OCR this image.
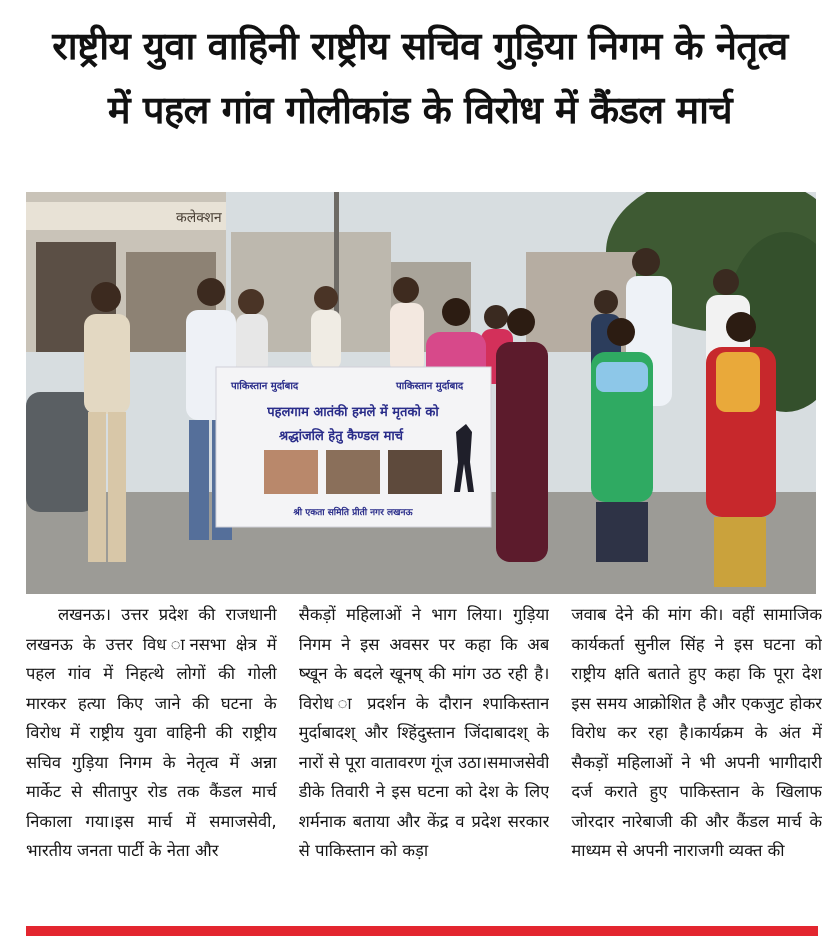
राष्ट्रीय युवा वाहिनी राष्ट्रीय सचिव गुड़िया निगम के नेतृत्व
में पहल गांव गोलीकांड के विरोध में कैंडल मार्च
कलेक्शन
पाकिस्तान मुर्दाबाद	पाकिस्तान मुर्दाबाद
पहलगाम आतंकी हमले में मृतको को
श्रद्धांजलि हेतु कैण्डल मार्च
श्री एकता समिति प्रीती नगर लखनऊ
लखनऊ। उत्तर प्रदेश की राजधानी लखनऊ के उत्तर विध ानसभा क्षेत्र में पहल गांव में निहत्थे लोगों की गोली मारकर हत्या किए जाने की घटना के विरोध में राष्ट्रीय युवा वाहिनी की राष्ट्रीय सचिव गुड़िया निगम के नेतृत्व में अन्ना मार्केट से सीतापुर रोड तक कैंडल मार्च निकाला गया।इस मार्च में समाजसेवी, भारतीय जनता पार्टी के नेता और
सैकड़ों महिलाओं ने भाग लिया। गुड़िया निगम ने इस अवसर पर कहा कि अब ष्खून के बदले खूनष् की मांग उठ रही है। विरोध ा प्रदर्शन के दौरान श्पाकिस्तान मुर्दाबादश् और श्हिंदुस्तान जिंदाबादश् के नारों से पूरा वातावरण गूंज उठा।समाजसेवी डीके तिवारी ने इस घटना को देश के लिए शर्मनाक बताया और केंद्र व प्रदेश सरकार से पाकिस्तान को कड़ा
जवाब देने की मांग की। वहीं सामाजिक कार्यकर्ता सुनील सिंह ने इस घटना को राष्ट्रीय क्षति बताते हुए कहा कि पूरा देश इस समय आक्रोशित है और एकजुट होकर विरोध कर रहा है।कार्यक्रम के अंत में सैकड़ों महिलाओं ने भी अपनी भागीदारी दर्ज कराते हुए पाकिस्तान के खिलाफ जोरदार नारेबाजी की और कैंडल मार्च के माध्यम से अपनी नाराजगी व्यक्त की
